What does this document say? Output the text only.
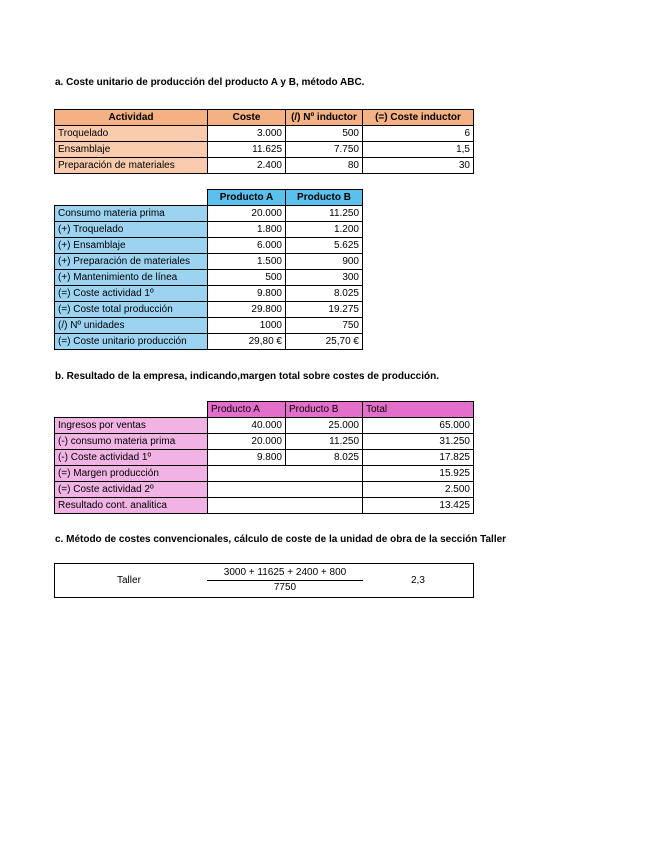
a. Coste unitario de producción del producto A y B, método ABC.
Actividad	Coste	(/) Nº inductor	(=) Coste inductor
Troquelado	3.000	500	6
Ensamblaje	11.625	7.750	1,5
Preparación de materiales	2.400	80	30
	Producto A	Producto B
Consumo materia prima	20.000	11.250
(+) Troquelado	1.800	1.200
(+) Ensamblaje	6.000	5.625
(+) Preparación de materiales	1.500	900
(+) Mantenimiento de línea	500	300
(=) Coste actividad 1º	9.800	8.025
(=) Coste total producción	29.800	19.275
(/) Nº unidades	1000	750
(=) Coste unitario producción	29,80 €	25,70 €
b. Resultado de la empresa, indicando,margen total sobre costes de producción.
	Producto A	Producto B	Total
Ingresos por ventas	40.000	25.000	65.000
(-) consumo materia prima	20.000	11.250	31.250
(-) Coste actividad 1º	9.800	8.025	17.825
(=) Margen producción			15.925
(=) Coste actividad 2º			2.500
Resultado cont. analitica			13.425
c. Método de costes convencionales, cálculo de coste de la unidad de obra de la sección Taller
Taller
3000 + 11625 + 2400 + 800
7750
2,3
